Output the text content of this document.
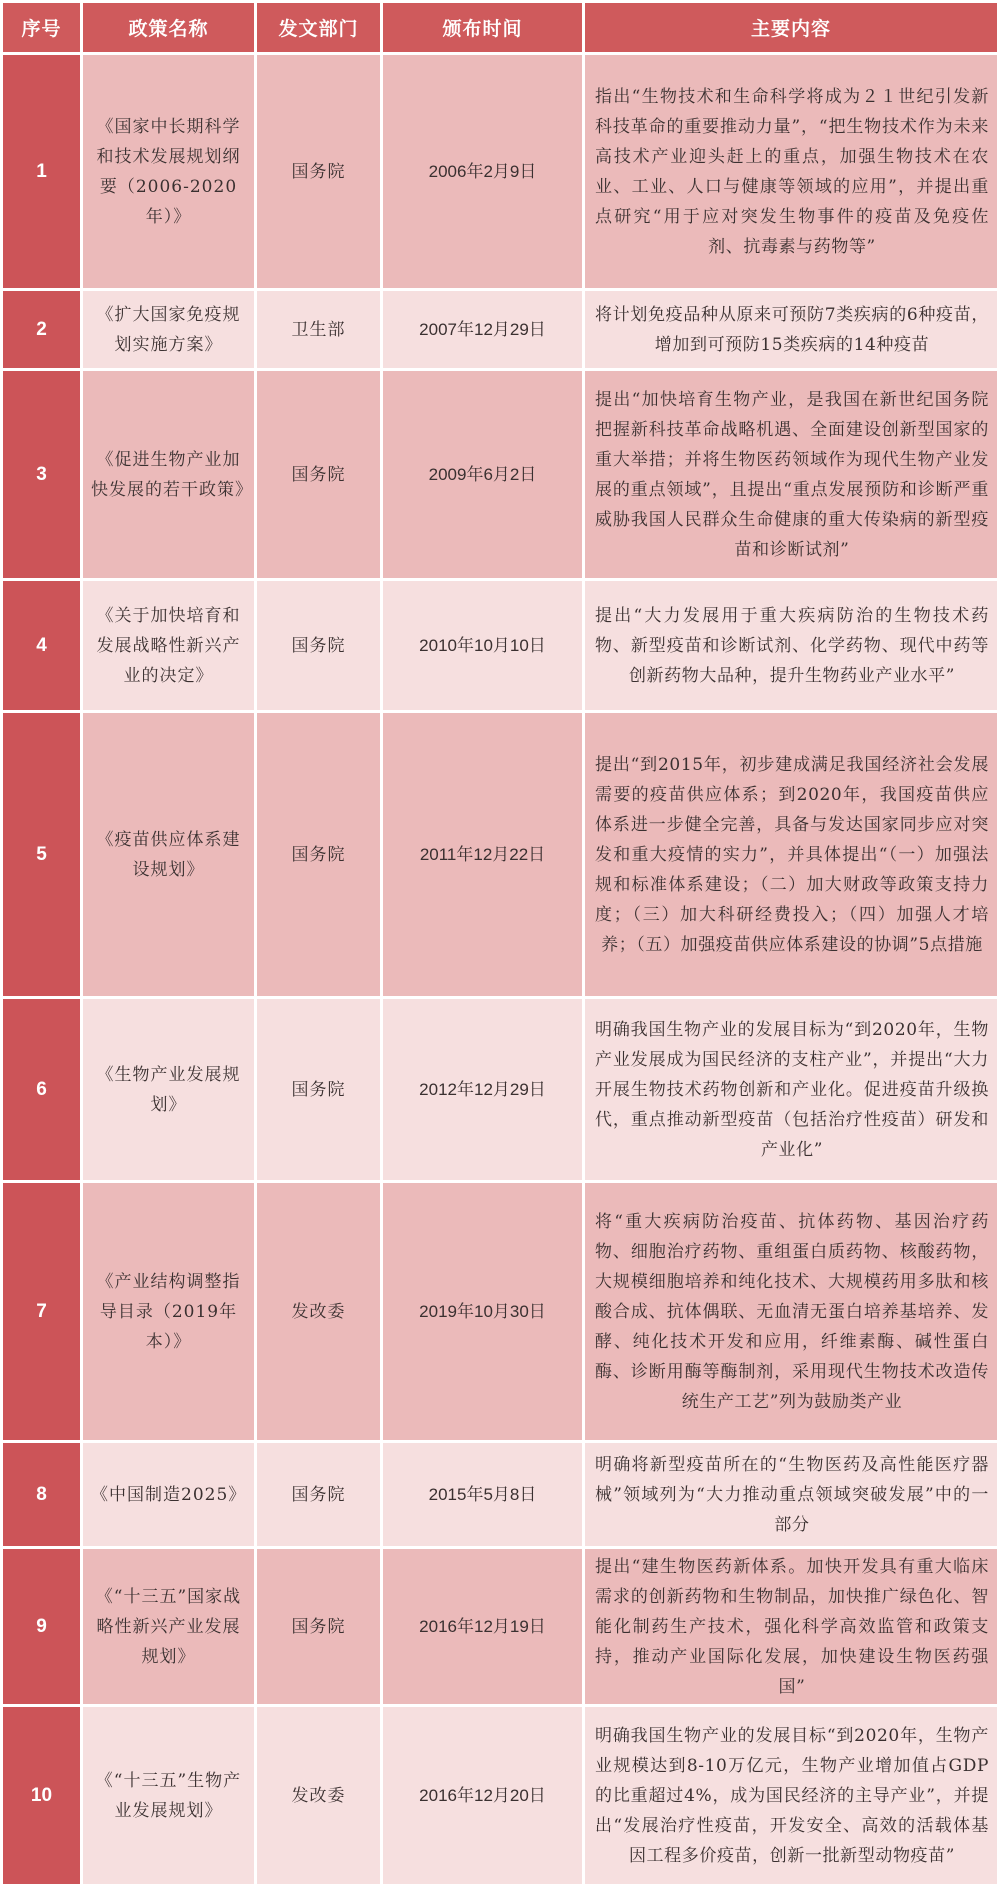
序号	政策名称	发文部门	颁布时间	主要内容
1	《国家中长期科学和技术发展规划纲要（2006-2020年）》	国务院	2006年2月9日	指出“生物技术和生命科学将成为２１世纪引发新科技革命的重要推动力量”，“把生物技术作为未来高技术产业迎头赶上的重点，加强生物技术在农业、工业、人口与健康等领域的应用”，并提出重点研究“用于应对突发生物事件的疫苗及免疫佐剂、抗毒素与药物等”
2	《扩大国家免疫规划实施方案》	卫生部	2007年12月29日	将计划免疫品种从原来可预防7类疾病的6种疫苗，增加到可预防15类疾病的14种疫苗
3	《促进生物产业加快发展的若干政策》	国务院	2009年6月2日	提出“加快培育生物产业，是我国在新世纪国务院把握新科技革命战略机遇、全面建设创新型国家的重大举措；并将生物医药领域作为现代生物产业发展的重点领域”，且提出“重点发展预防和诊断严重威胁我国人民群众生命健康的重大传染病的新型疫苗和诊断试剂”
4	《关于加快培育和发展战略性新兴产业的决定》	国务院	2010年10月10日	提出“大力发展用于重大疾病防治的生物技术药物、新型疫苗和诊断试剂、化学药物、现代中药等创新药物大品种，提升生物药业产业水平”
5	《疫苗供应体系建设规划》	国务院	2011年12月22日	提出“到2015年，初步建成满足我国经济社会发展需要的疫苗供应体系；到2020年，我国疫苗供应体系进一步健全完善，具备与发达国家同步应对突发和重大疫情的实力”，并具体提出“（一）加强法规和标准体系建设；（二）加大财政等政策支持力度；（三）加大科研经费投入；（四）加强人才培养；（五）加强疫苗供应体系建设的协调”5点措施
6	《生物产业发展规划》	国务院	2012年12月29日	明确我国生物产业的发展目标为“到2020年，生物产业发展成为国民经济的支柱产业”，并提出“大力开展生物技术药物创新和产业化。促进疫苗升级换代，重点推动新型疫苗（包括治疗性疫苗）研发和产业化”
7	《产业结构调整指导目录（2019年本）》	发改委	2019年10月30日	将“重大疾病防治疫苗、抗体药物、基因治疗药物、细胞治疗药物、重组蛋白质药物、核酸药物，大规模细胞培养和纯化技术、大规模药用多肽和核酸合成、抗体偶联、无血清无蛋白培养基培养、发酵、纯化技术开发和应用，纤维素酶、碱性蛋白酶、诊断用酶等酶制剂，采用现代生物技术改造传统生产工艺”列为鼓励类产业
8	《中国制造2025》	国务院	2015年5月8日	明确将新型疫苗所在的“生物医药及高性能医疗器械”领域列为“大力推动重点领域突破发展”中的一部分
9	《“十三五”国家战略性新兴产业发展规划》	国务院	2016年12月19日	提出“建生物医药新体系。加快开发具有重大临床需求的创新药物和生物制品，加快推广绿色化、智能化制药生产技术，强化科学高效监管和政策支持，推动产业国际化发展，加快建设生物医药强国”
10	《“十三五”生物产业发展规划》	发改委	2016年12月20日	明确我国生物产业的发展目标“到2020年，生物产业规模达到8-10万亿元，生物产业增加值占GDP的比重超过4%，成为国民经济的主导产业”，并提出“发展治疗性疫苗，开发安全、高效的活载体基因工程多价疫苗，创新一批新型动物疫苗”
